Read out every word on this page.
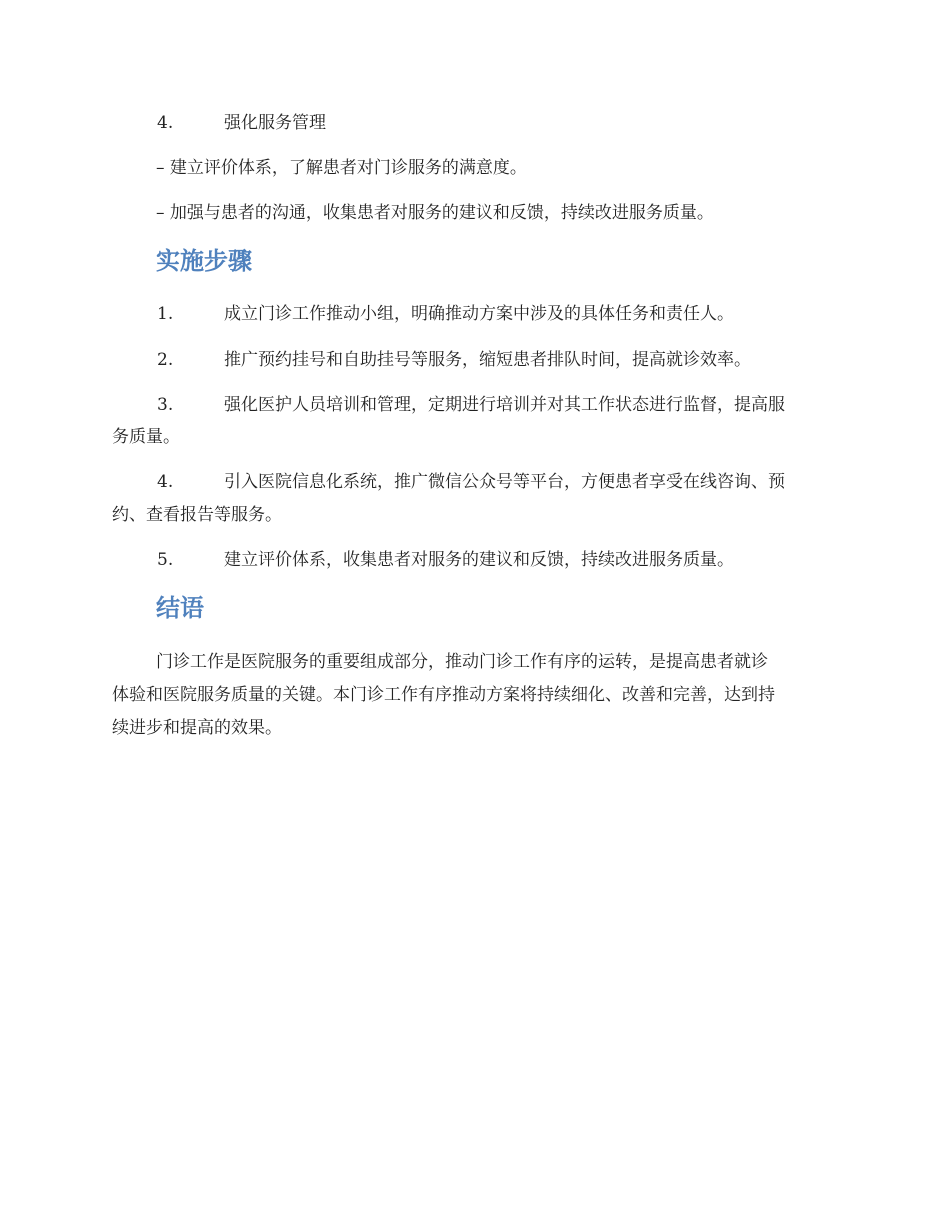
4.	强化服务管理
– 建立评价体系，了解患者对门诊服务的满意度。
– 加强与患者的沟通，收集患者对服务的建议和反馈，持续改进服务质量。
实施步骤
1.	成立门诊工作推动小组，明确推动方案中涉及的具体任务和责任人。
2.	推广预约挂号和自助挂号等服务，缩短患者排队时间，提高就诊效率。
3.	强化医护人员培训和管理，定期进行培训并对其工作状态进行监督，提高服
务质量。
4.	引入医院信息化系统，推广微信公众号等平台，方便患者享受在线咨询、预
约、查看报告等服务。
5.	建立评价体系，收集患者对服务的建议和反馈，持续改进服务质量。
结语
门诊工作是医院服务的重要组成部分，推动门诊工作有序的运转，是提高患者就诊
体验和医院服务质量的关键。本门诊工作有序推动方案将持续细化、改善和完善，达到持
续进步和提高的效果。
